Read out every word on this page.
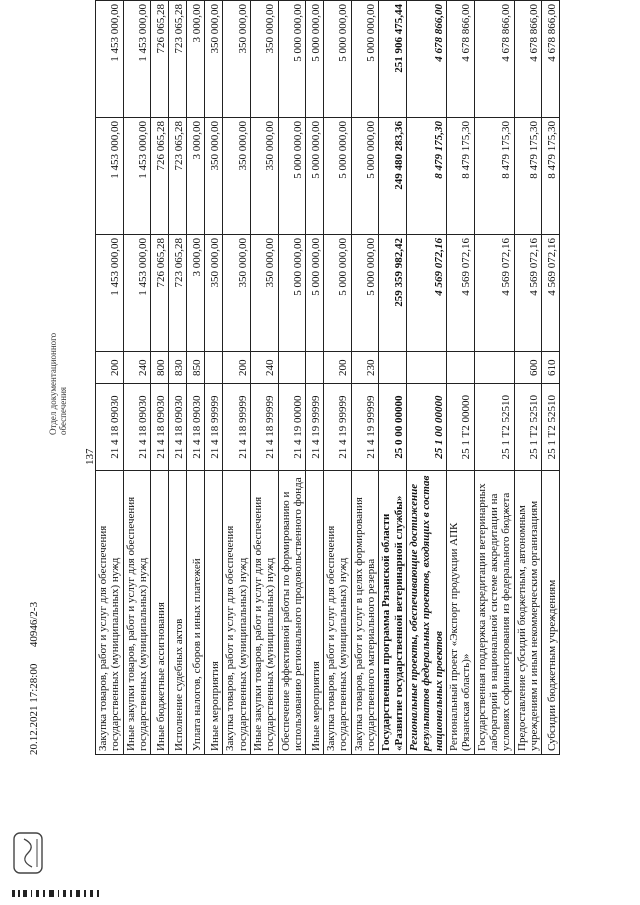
20.12.2021 17:28:00      40946/2-3
Отдел документационного обеспечения
137
Закупка товаров, работ и услуг для обеспечения государственных (муниципальных) нужд	21 4 18 09030	200	1 453 000,00	1 453 000,00	1 453 000,00
Иные закупки товаров, работ и услуг для обеспечения государственных (муниципальных) нужд	21 4 18 09030	240	1 453 000,00	1 453 000,00	1 453 000,00
Иные бюджетные ассигнования	21 4 18 09030	800	726 065,28	726 065,28	726 065,28
Исполнение судебных актов	21 4 18 09030	830	723 065,28	723 065,28	723 065,28
Уплата налогов, сборов и иных платежей	21 4 18 09030	850	3 000,00	3 000,00	3 000,00
Иные мероприятия	21 4 18 99999		350 000,00	350 000,00	350 000,00
Закупка товаров, работ и услуг для обеспечения государственных (муниципальных) нужд	21 4 18 99999	200	350 000,00	350 000,00	350 000,00
Иные закупки товаров, работ и услуг для обеспечения государственных (муниципальных) нужд	21 4 18 99999	240	350 000,00	350 000,00	350 000,00
Обеспечение эффективной работы по формированию и использованию регионального продовольственного фонда	21 4 19 00000		5 000 000,00	5 000 000,00	5 000 000,00
Иные мероприятия	21 4 19 99999		5 000 000,00	5 000 000,00	5 000 000,00
Закупка товаров, работ и услуг для обеспечения государственных (муниципальных) нужд	21 4 19 99999	200	5 000 000,00	5 000 000,00	5 000 000,00
Закупка товаров, работ и услуг в целях формирования государственного материального резерва	21 4 19 99999	230	5 000 000,00	5 000 000,00	5 000 000,00
Государственная программа Рязанской области «Развитие государственной ветеринарной службы»	25 0 00 00000		259 359 982,42	249 480 283,36	251 906 475,44
Региональные проекты, обеспечивающие достижение результатов федеральных проектов, входящих в состав национальных проектов	25 1 00 00000		4 569 072,16	8 479 175,30	4 678 866,00
Региональный проект «Экспорт продукции АПК (Рязанская область)»	25 1 T2 00000		4 569 072,16	8 479 175,30	4 678 866,00
Государственная поддержка аккредитации ветеринарных лабораторий в национальной системе аккредитации на условиях софинансирования из федерального бюджета	25 1 T2 52510		4 569 072,16	8 479 175,30	4 678 866,00
Предоставление субсидий бюджетным, автономным учреждениям и иным некоммерческим организациям	25 1 T2 52510	600	4 569 072,16	8 479 175,30	4 678 866,00
Субсидии бюджетным учреждениям	25 1 T2 52510	610	4 569 072,16	8 479 175,30	4 678 866,00
